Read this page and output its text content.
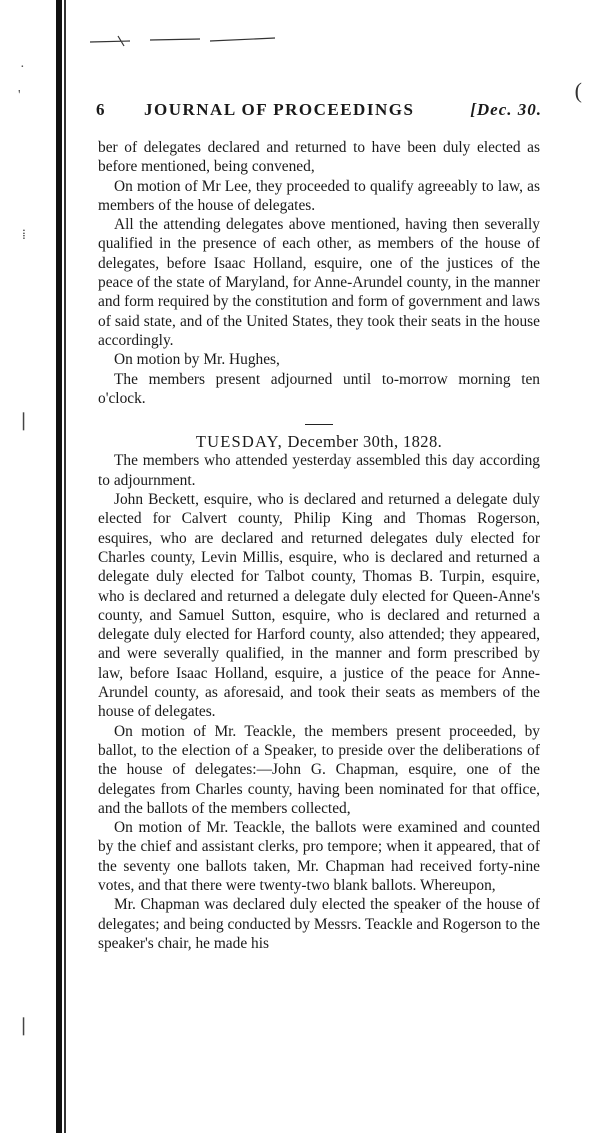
·
'
⁞
❘
❘
(
6 JOURNAL OF PROCEEDINGS	[Dec. 30.

ber of delegates declared and returned to have been duly elected as before mentioned, being convened,

On motion of Mr Lee, they proceeded to qualify agreeably to law, as members of the house of delegates.

All the attending delegates above mentioned, having then severally qualified in the presence of each other, as members of the house of delegates, before Isaac Holland, esquire, one of the justices of the peace of the state of Maryland, for Anne-Arundel county, in the manner and form required by the constitution and form of government and laws of said state, and of the United States, they took their seats in the house accordingly.

On motion by Mr. Hughes,

The members present adjourned until to-morrow morning ten o'clock.

TUESDAY, December 30th, 1828.

The members who attended yesterday assembled this day according to adjournment.

John Beckett, esquire, who is declared and returned a delegate duly elected for Calvert county, Philip King and Thomas Rogerson, esquires, who are declared and returned delegates duly elected for Charles county, Levin Millis, esquire, who is declared and returned a delegate duly elected for Talbot county, Thomas B. Turpin, esquire, who is declared and returned a delegate duly elected for Queen-Anne's county, and Samuel Sutton, esquire, who is declared and returned a delegate duly elected for Harford county, also attended; they appeared, and were severally qualified, in the manner and form prescribed by law, before Isaac Holland, esquire, a justice of the peace for Anne-Arundel county, as aforesaid, and took their seats as members of the house of delegates.

On motion of Mr. Teackle, the members present proceeded, by ballot, to the election of a Speaker, to preside over the deliberations of the house of delegates:—John G. Chapman, esquire, one of the delegates from Charles county, having been nominated for that office, and the ballots of the members collected,

On motion of Mr. Teackle, the ballots were examined and counted by the chief and assistant clerks, pro tempore; when it appeared, that of the seventy one ballots taken, Mr. Chapman had received forty-nine votes, and that there were twenty-two blank ballots. Whereupon,

Mr. Chapman was declared duly elected the speaker of the house of delegates; and being conducted by Messrs. Teackle and Rogerson to the speaker's chair, he made his
